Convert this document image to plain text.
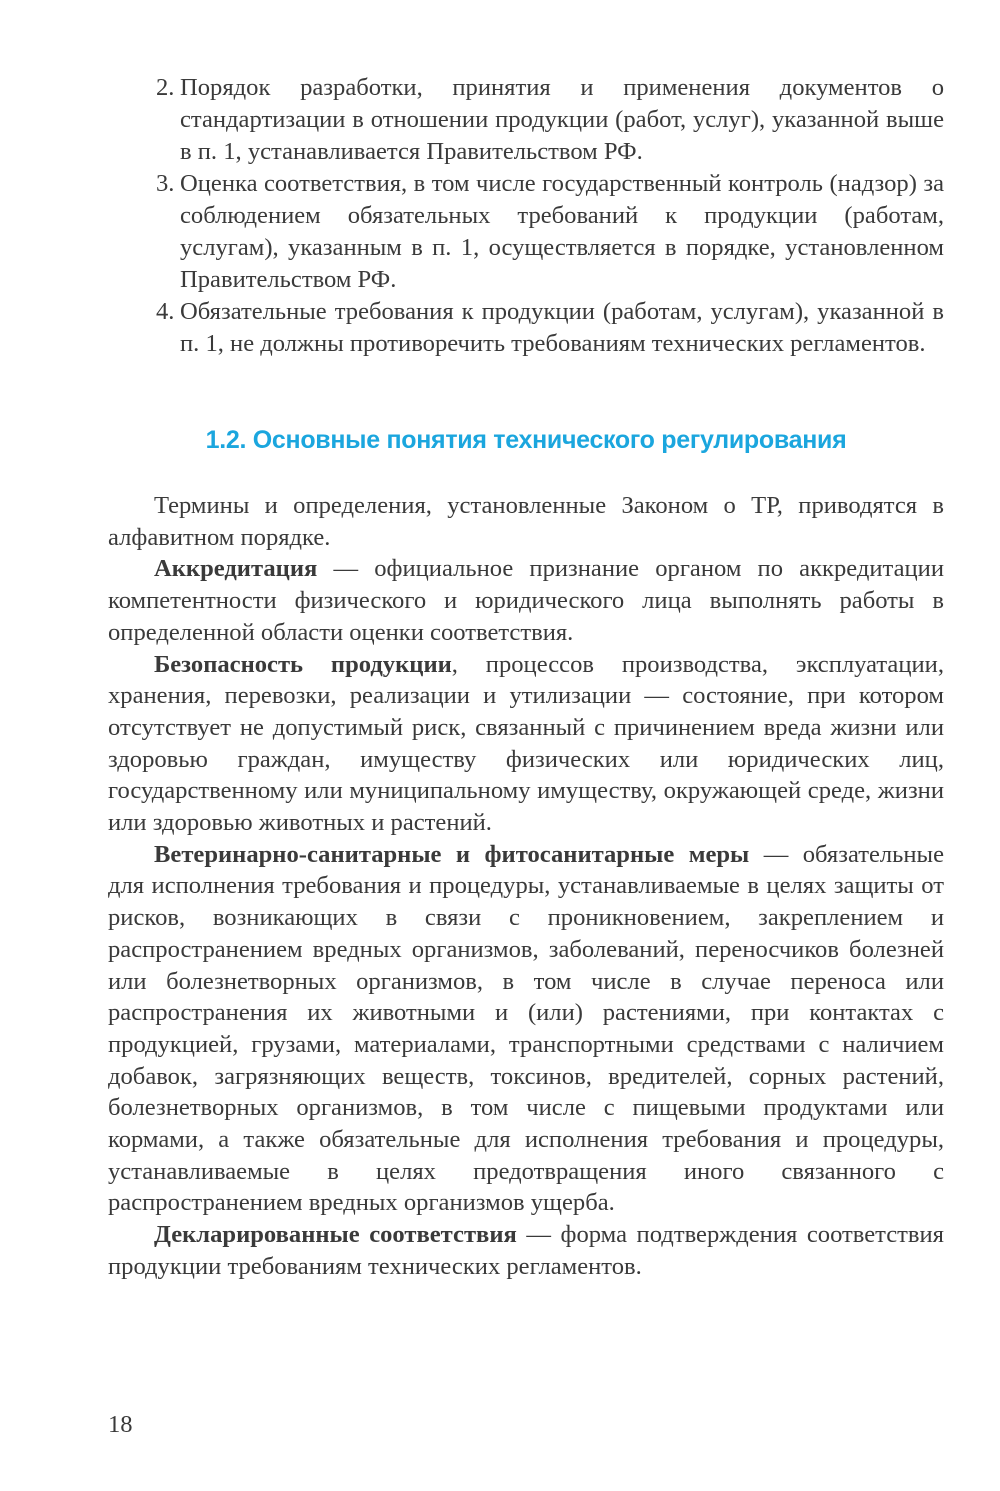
2. Порядок разработки, принятия и применения документов о стандартизации в отношении продукции (работ, услуг), указанной выше в п. 1, устанавливается Правительством РФ.
3. Оценка соответствия, в том числе государственный контроль (надзор) за соблюдением обязательных требований к продукции (работам, услугам), указанным в п. 1, осуществляется в порядке, установленном Правительством РФ.
4. Обязательные требования к продукции (работам, услугам), указанной в п. 1, не должны противоречить требованиям технических регламентов.
1.2. Основные понятия технического регулирования

Термины и определения, установленные Законом о ТР, приводятся в алфавитном порядке.

Аккредитация — официальное признание органом по аккредитации компетентности физического и юридического лица выполнять работы в определенной области оценки соответствия.

Безопасность продукции, процессов производства, эксплуатации, хранения, перевозки, реализации и утилизации — состояние, при котором отсутствует не допустимый риск, связанный с причинением вреда жизни или здоровью граждан, имуществу физических или юридических лиц, государственному или муниципальному имуществу, окружающей среде, жизни или здоровью животных и растений.

Ветеринарно-санитарные и фитосанитарные меры — обязательные для исполнения требования и процедуры, устанавливаемые в целях защиты от рисков, возникающих в связи с проникновением, закреплением и распространением вредных организмов, заболеваний, переносчиков болезней или болезнетворных организмов, в том числе в случае переноса или распространения их животными и (или) растениями, при контактах с продукцией, грузами, материалами, транспортными средствами с наличием добавок, загрязняющих веществ, токсинов, вредителей, сорных растений, болезнетворных организмов, в том числе с пищевыми продуктами или кормами, а также обязательные для исполнения требования и процедуры, устанавливаемые в целях предотвращения иного связанного с распространением вредных организмов ущерба.

Декларированные соответствия — форма подтверждения соответствия продукции требованиям технических регламентов.

18
